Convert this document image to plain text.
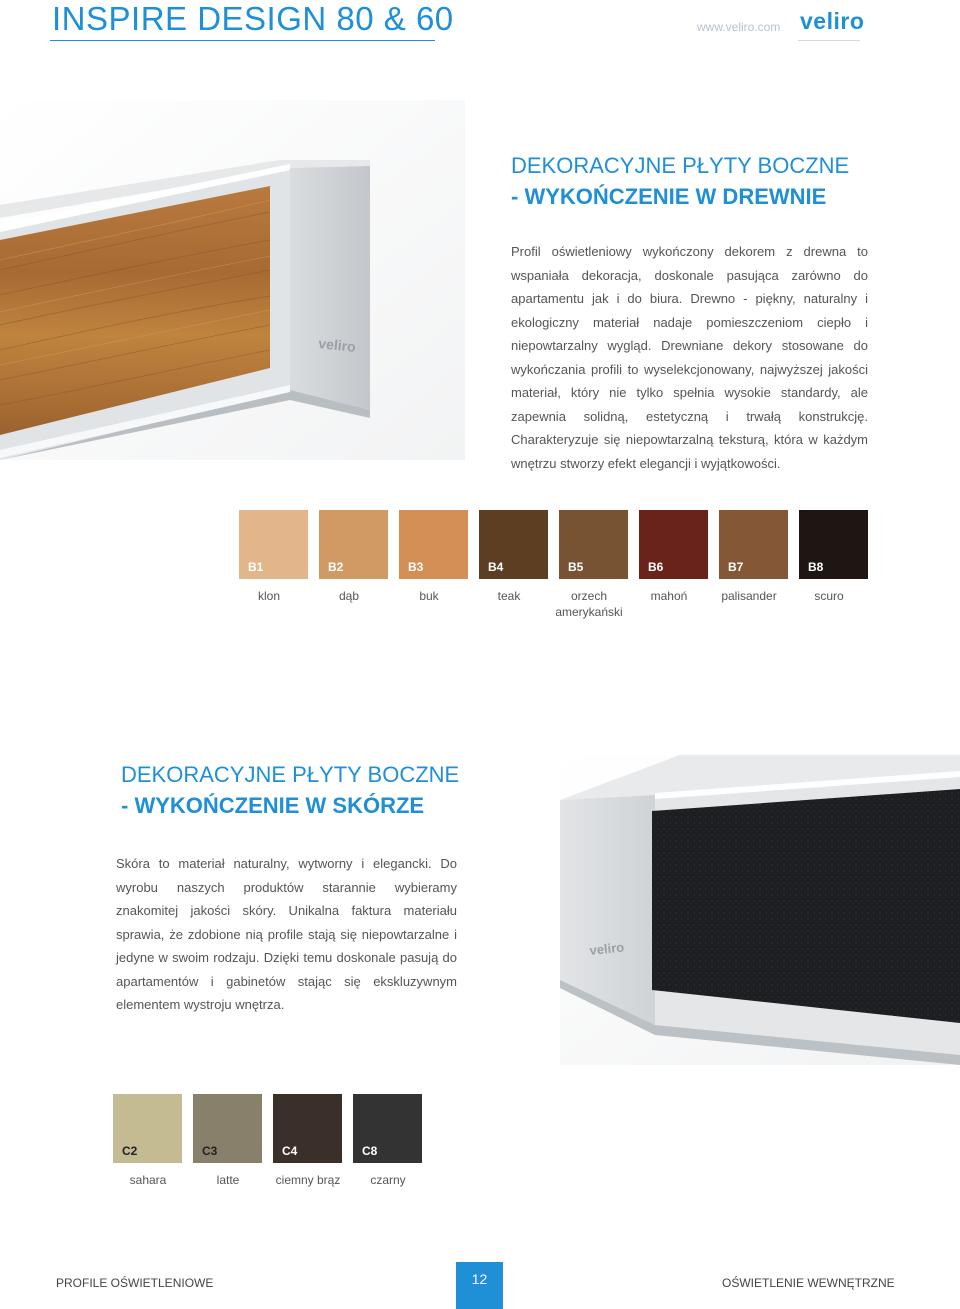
INSPIRE DESIGN 80 & 60	www.veliro.com veliro
veliro
DEKORACYJNE PŁYTY BOCZNE
- WYKOŃCZENIE W DREWNIE
Profil oświetleniowy wykończony dekorem z drewna to wspaniała dekoracja, doskonale pasująca zarówno do apartamentu jak i do biura. Drewno - piękny, naturalny i ekologiczny materiał nadaje pomieszczeniom ciepło i niepowtarzalny wygląd. Drewniane dekory stosowane do wykończania profili to wyselekcjonowany, najwyższej jakości materiał, który nie tylko spełnia wysokie standardy, ale zapewnia solidną, estetyczną i trwałą konstrukcję. Charakteryzuje się niepowtarzalną teksturą, która w każdym wnętrzu stworzy efekt elegancji i wyjątkowości.
B1
klon
B2
dąb
B3
buk
B4
teak
B5
orzech amerykański
B6
mahoń
B7
palisander
B8
scuro
DEKORACYJNE PŁYTY BOCZNE
- WYKOŃCZENIE W SKÓRZE
Skóra to materiał naturalny, wytworny i elegancki. Do wyrobu naszych produktów starannie wybieramy znakomitej jakości skóry. Unikalna faktura materiału sprawia, że zdobione nią profile stają się niepowtarzalne i jedyne w swoim rodzaju. Dzięki temu doskonale pasują do apartamentów i gabinetów stając się ekskluzywnym elementem wystroju wnętrza.
veliro
C2
sahara
C3
latte
C4
ciemny brąz
C8
czarny
PROFILE OŚWIETLENIOWE	12	OŚWIETLENIE WEWNĘTRZNE
